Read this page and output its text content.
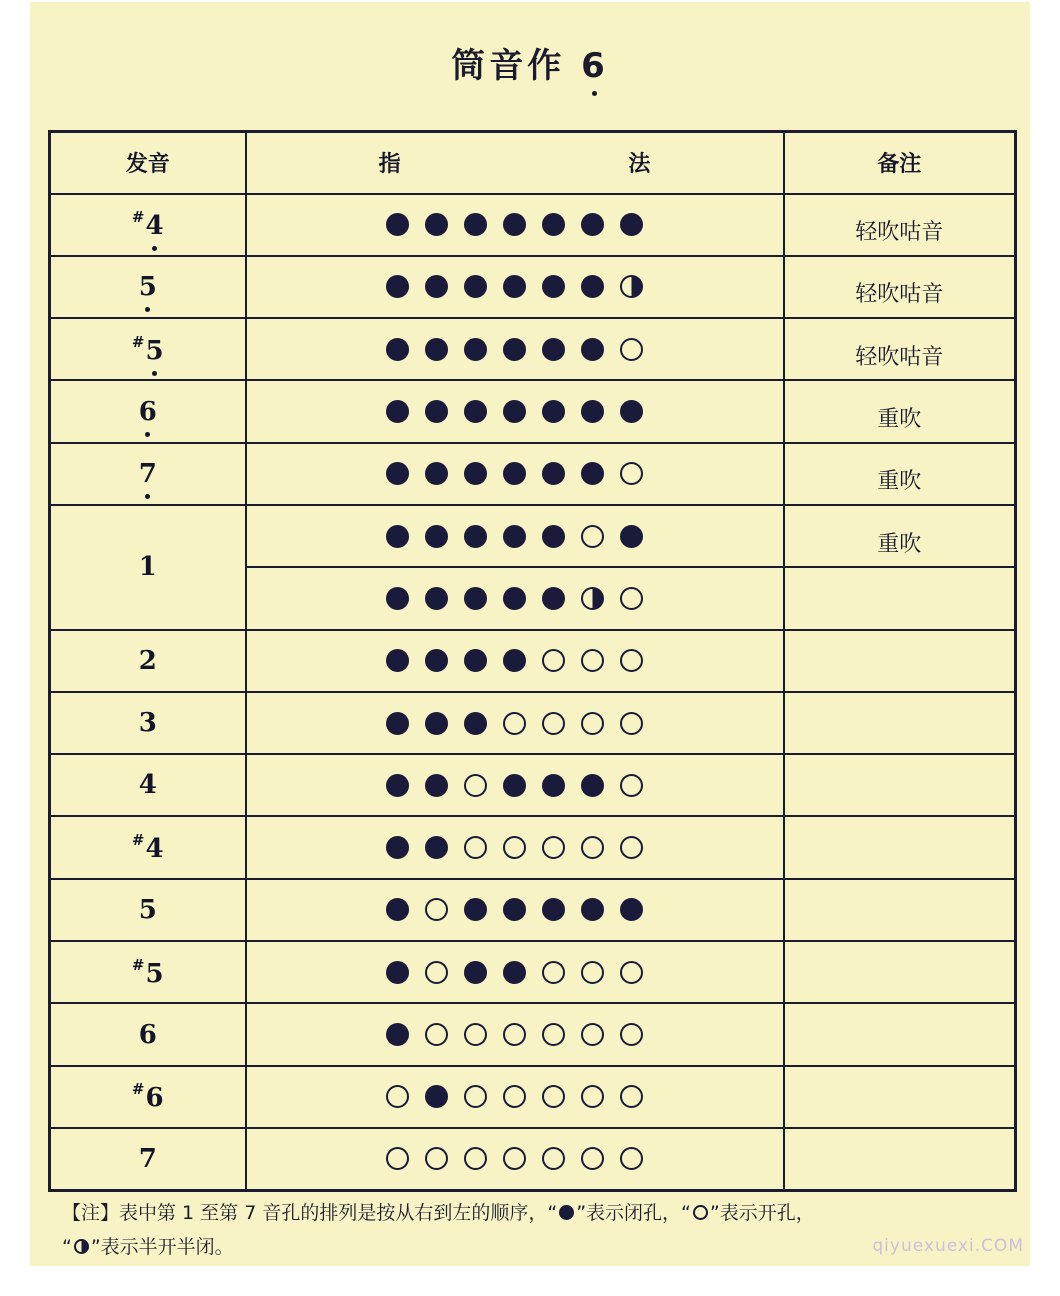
筒音作 6
发音	指 法	备注
#4		轻吹咕音
5		轻吹咕音
#5		轻吹咕音
6		重吹
7		重吹
1		重吹

2		
3		
4		
#4		
5		
#5		
6		
#6		
7		
【注】表中第 1 至第 7 音孔的排列是按从右到左的顺序，“ ”表示闭孔，“ ”表示开孔，
“ ”表示半开半闭。	qiyuexuexi.COM
